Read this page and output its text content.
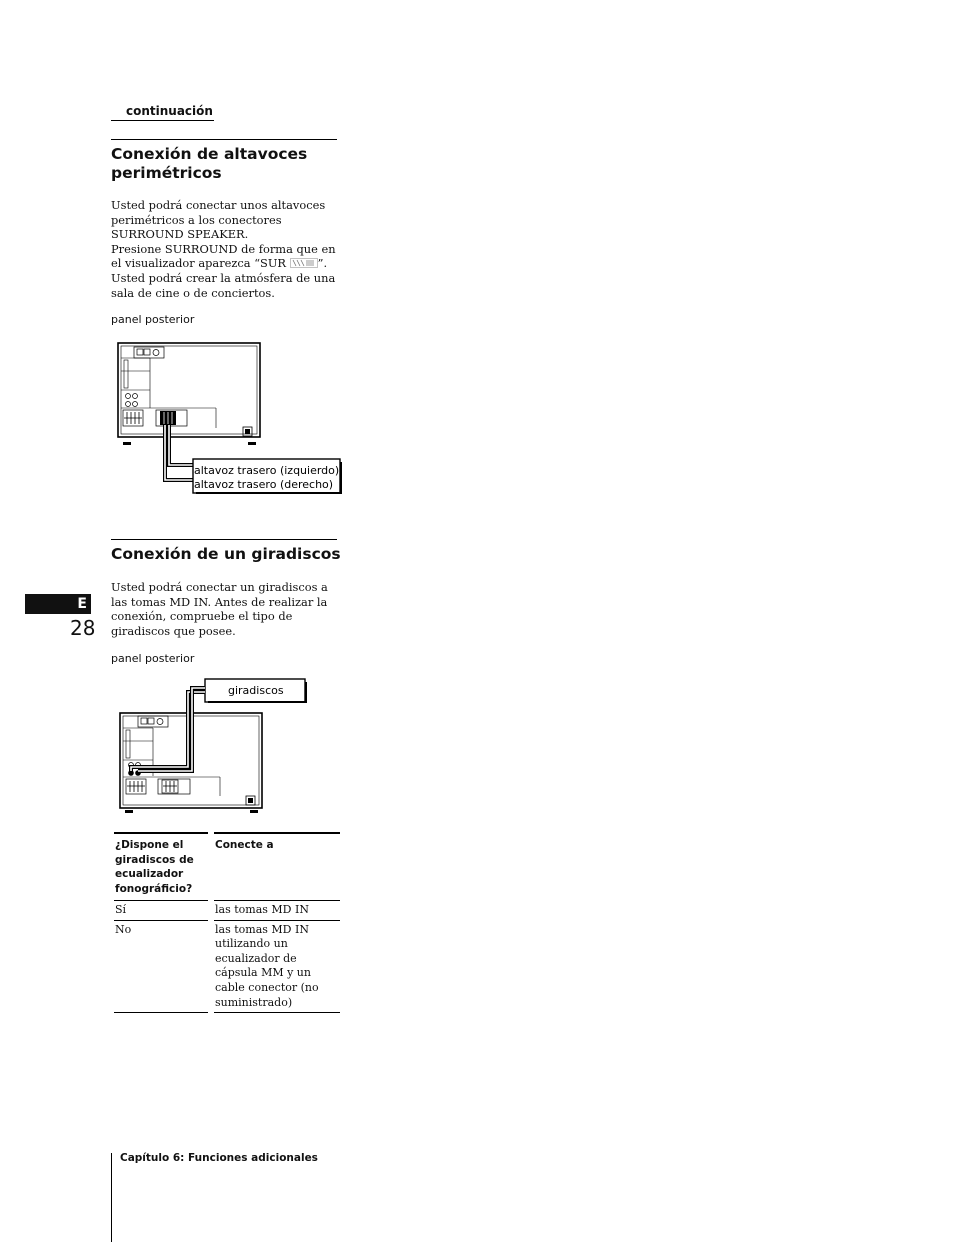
continuación
Conexión de altavoces perimétricos

Usted podrá conectar unos altavoces perimétricos a los conectores SURROUND SPEAKER.

Presione SURROUND de forma que en el visualizador aparezca “SUR	”.

Usted podrá crear la atmósfera de una sala de cine o de conciertos.

panel posterior
altavoz trasero (izquierdo)
altavoz trasero (derecho)
Conexión de un giradiscos

Usted podrá conectar un giradiscos a las tomas MD IN. Antes de realizar la conexión, compruebe el tipo de giradiscos que posee.

panel posterior
giradiscos
¿Dispone el giradiscos de ecualizador fonográficio?		Conecte a
Sí		las tomas MD IN
No		las tomas MD IN utilizando un ecualizador de cápsula MM y un cable conector (no suministrado)
E
28
Capítulo 6: Funciones adicionales
